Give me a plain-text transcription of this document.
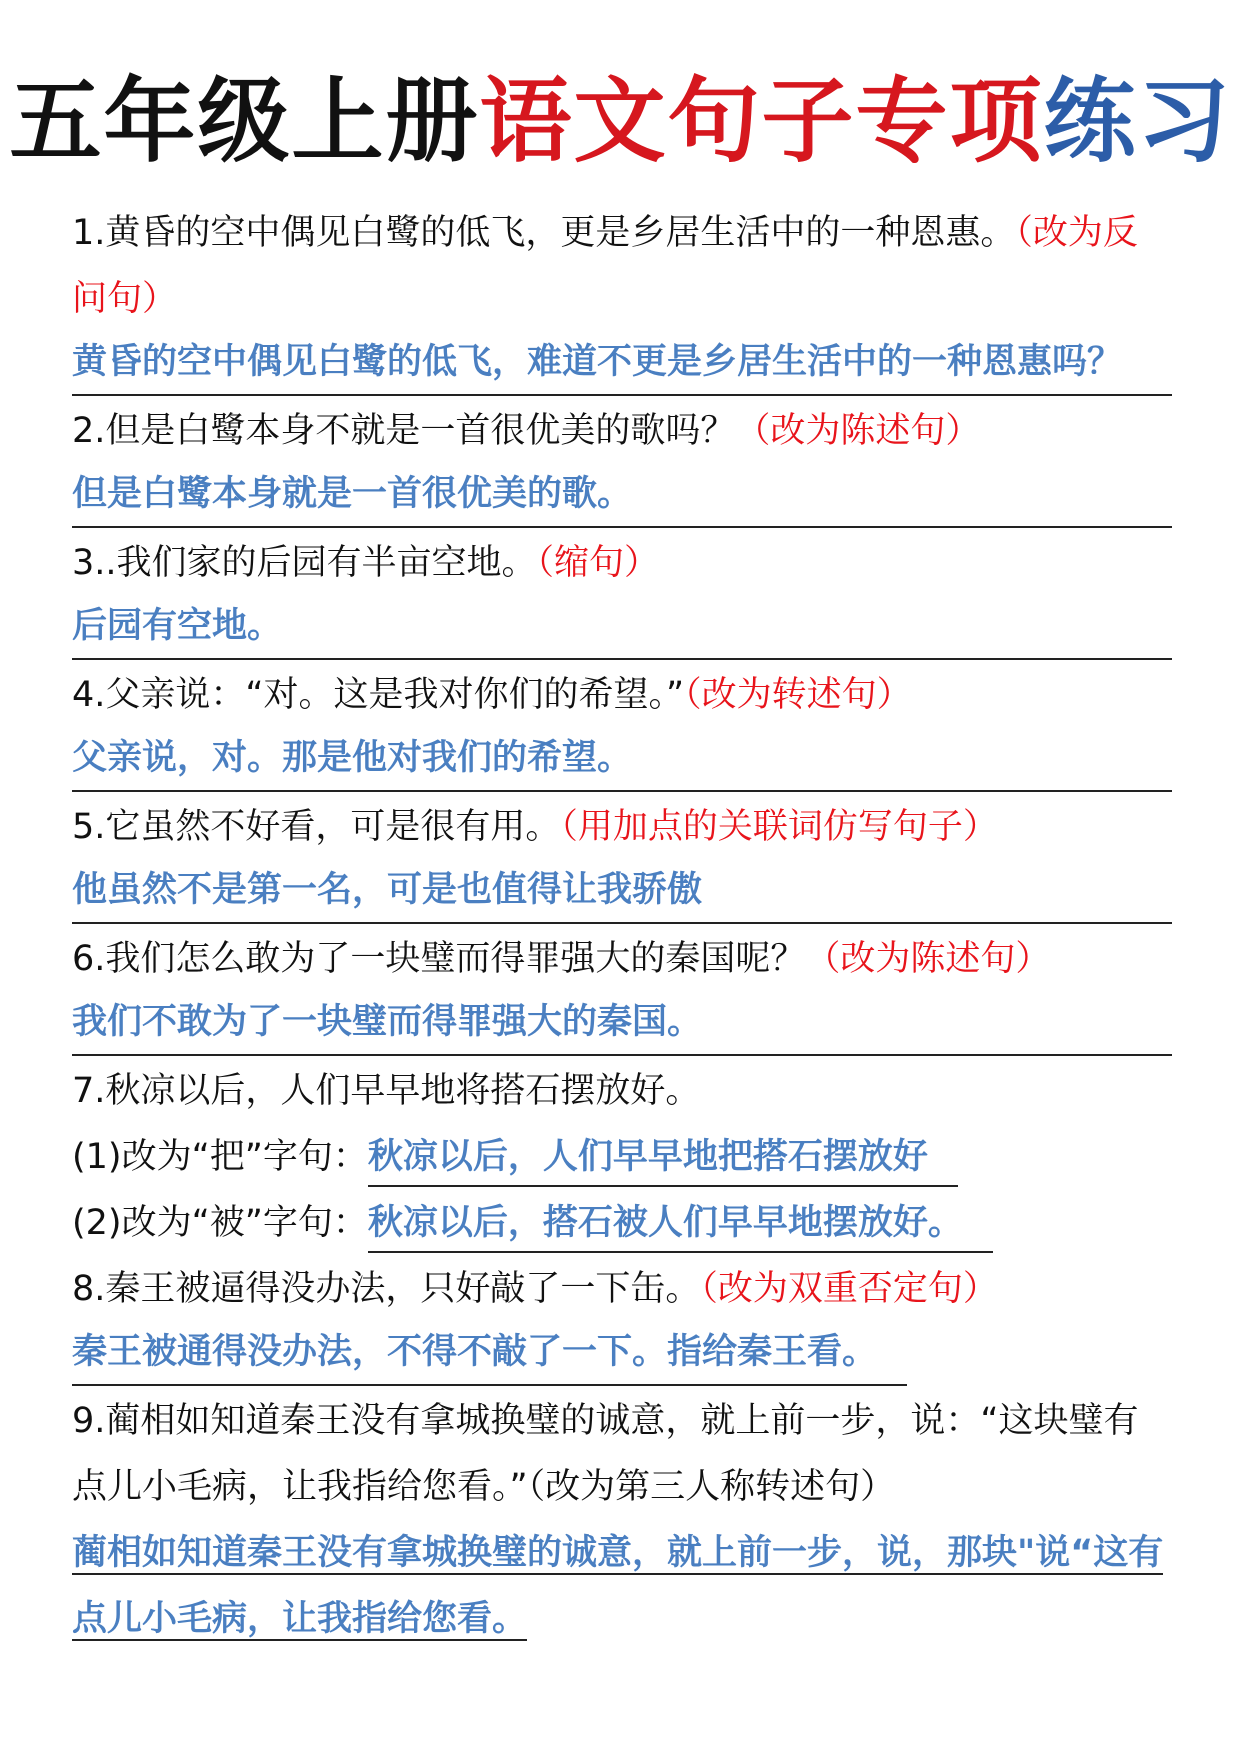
五年级上册语文句子专项练习

1.黄昏的空中偶见白鹭的低飞，更是乡居生活中的一种恩惠。（改为反问句）

黄昏的空中偶见白鹭的低飞，难道不更是乡居生活中的一种恩惠吗？

2.但是白鹭本身不就是一首很优美的歌吗？（改为陈述句）

但是白鹭本身就是一首很优美的歌。

3..我们家的后园有半亩空地。（缩句）

后园有空地。

4.父亲说：“对。这是我对你们的希望。”（改为转述句）

父亲说，对。那是他对我们的希望。

5.它虽然不好看，可是很有用。（用加点的关联词仿写句子）

他虽然不是第一名，可是也值得让我骄傲

6.我们怎么敢为了一块璧而得罪强大的秦国呢？（改为陈述句）

我们不敢为了一块璧而得罪强大的秦国。

7.秋凉以后，人们早早地将搭石摆放好。

(1)改为“把”字句：秋凉以后，人们早早地把搭石摆放好

(2)改为“被”字句：秋凉以后，搭石被人们早早地摆放好。

8.秦王被逼得没办法，只好敲了一下缶。（改为双重否定句）

秦王被通得没办法，不得不敲了一下。指给秦王看。

9.蔺相如知道秦王没有拿城换璧的诚意，就上前一步，说：“这块璧有点儿小毛病，让我指给您看。”（改为第三人称转述句）

蔺相如知道秦王没有拿城换璧的诚意，就上前一步，说，那块"说“这有点儿小毛病，让我指给您看。
